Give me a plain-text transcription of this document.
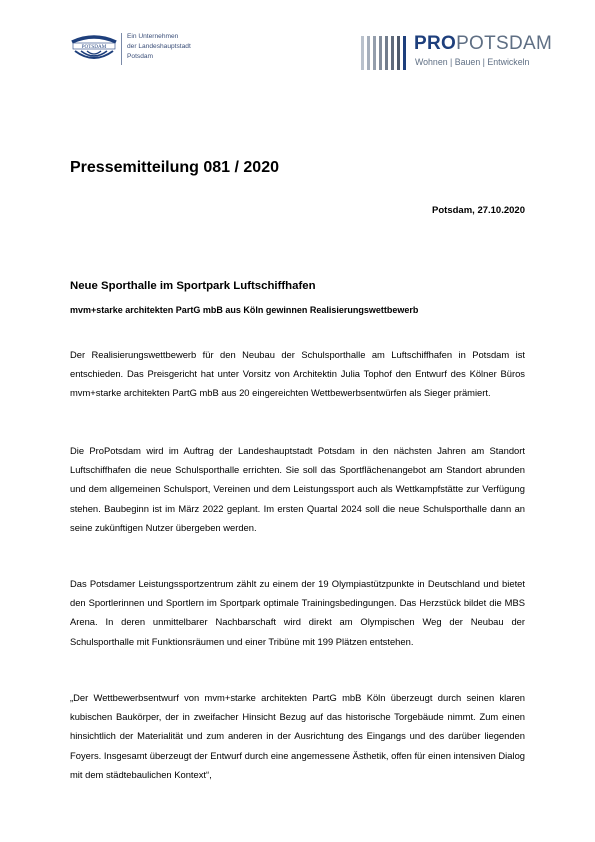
POTSDAM
Ein Unternehmen
der Landeshauptstadt
Potsdam
PROPOTSDAM
Wohnen | Bauen | Entwickeln
Pressemitteilung 081 / 2020
Potsdam, 27.10.2020
Neue Sporthalle im Sportpark Luftschiffhafen
mvm+starke architekten PartG mbB aus Köln gewinnen Realisierungswettbewerb

Der Realisierungswettbewerb für den Neubau der Schulsporthalle am Luftschiffhafen in Potsdam ist entschieden. Das Preisgericht hat unter Vorsitz von Architektin Julia Tophof den Entwurf des Kölner Büros mvm+starke architekten PartG mbB aus 20 eingereichten Wettbewerbsentwürfen als Sieger prämiert.

Die ProPotsdam wird im Auftrag der Landeshauptstadt Potsdam in den nächsten Jahren am Standort Luftschiffhafen die neue Schulsporthalle errichten. Sie soll das Sportflächenangebot am Standort abrunden und dem allgemeinen Schulsport, Vereinen und dem Leistungssport auch als Wettkampfstätte zur Verfügung stehen. Baubeginn ist im März 2022 geplant. Im ersten Quartal 2024 soll die neue Schulsporthalle dann an seine zukünftigen Nutzer übergeben werden.

Das Potsdamer Leistungssportzentrum zählt zu einem der 19 Olympiastützpunkte in Deutschland und bietet den Sportlerinnen und Sportlern im Sportpark optimale Trainingsbedingungen. Das Herzstück bildet die MBS Arena. In deren unmittelbarer Nachbarschaft wird direkt am Olympischen Weg der Neubau der Schulsporthalle mit Funktionsräumen und einer Tribüne mit 199 Plätzen entstehen.

„Der Wettbewerbsentwurf von mvm+starke architekten PartG mbB Köln überzeugt durch seinen klaren kubischen Baukörper, der in zweifacher Hinsicht Bezug auf das historische Torgebäude nimmt. Zum einen hinsichtlich der Materialität und zum anderen in der Ausrichtung des Eingangs und des darüber liegenden Foyers. Insgesamt überzeugt der Entwurf durch eine angemessene Ästhetik, offen für einen intensiven Dialog mit dem städtebaulichen Kontext“,
